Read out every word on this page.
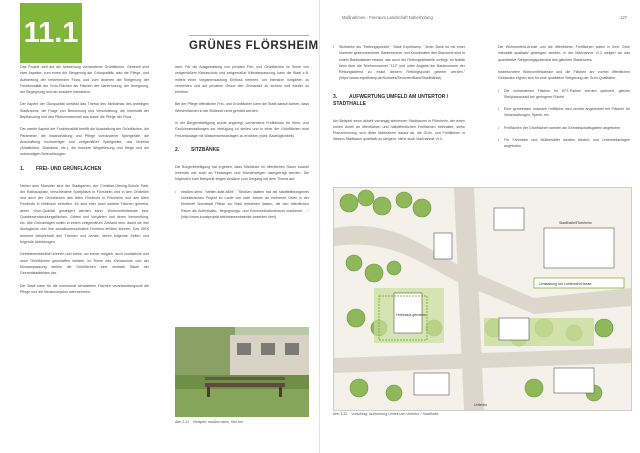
11.1

Das Projekt zielt auf die Aufwertung vorhandener Grünflächen. Generell sind zwei Aspekte: zum einen die Steigerung der Grünqualität, also die Pflege- und Aufwertung der bestehenden Flora, und zum anderen die Steigerung der Funktionalität der Grün-Flächen als Flächen der Naherholung, der Aneignung, der Begegnung und der sozialen Interaktion.

Der Aspekt der Ökoqualität umfasst das Thema des Miniklimas des jeweiligen Stadtraums, die Frage von Besonnung und Verschattung, die Intensität der Bepflanzung und den Pflanzenwechsel aus sowie die Pflege der Flora.

Der zweite Aspekt der Funktionalität betrifft die Ausstattung der Grünflächen, die Parameter, die Instandhaltung und Pflege vorhandener Spielgeräte, die Anschaffung hochwertiger und zeitgemäßer Spielgeräte, das Mobiliar (Abfallkörbe, Sitzbänke, etc.), die bessere Wegeführung und Wege und die notwendigen Beleuchtungen.

1. FREI- UND GRÜNFLÄCHEN

Neben dem Marsufer sind der Stadtgarten, der Christian-Gesing-Schule Park, der Rathausplatz, verschiedene Spielplätze in Flörsheim und in den Ortsteilen und auch der Grünflächen des Alten Friedhofs in Flörsheim und des Alten Friedhofs in Weilbach betroffen. Es sind eher auch weitere Flächen gemeint, deren Grün-Qualität gesteigert werden kann: Wohnumfeldareale bzw. Quartiersentwicklungsflächen, Gärten und Vorgärten und deren Verwendung, etc. Alle Grünanlagen sollen in einem zeitgemäßen Zustand sein, damit sie ihre ökologische und ihre sozialkommunikative Funktion erfüllen können. Das ISEK benennt beispielhaft den Themen und Areale, deren folgende Seiten und folgende Abbildungen.

Gebietsverständlich können und sollen, wo immer möglich, auch zusätzliche und neue Grünflächen geschaffen werden, im Sinne des Klimaschutz und der Klimaanpassung stellen die Grünflächen eine zentrale Säule der Gesamtstadtbildes dar.

Die Stadt kann für die kommunal verwalteten Flächen verantwortungsvoll die Pflege und die Neukonzeption wahrnehmen.

GRÜNES FLÖRSHEIM

men. Für die Ausgestaltung von privaten Frei- und Grünflächen im Sinne von zeitgemäßem Klimaschutz und zeitgemäßer Klimaanpassung, kann die Stadt z.B. mittels einer Vorgartensatzung Einfluss nehmen, um intensive Vorgärten zu vermeiden und auf privatem Grund den Grünanteil zu sichern und wieder zu erhöhen.

Bei der Pflege öffentlicher Frei- und Grünflächen kann die Stadt darauf achten, dass Wiesenflächen in der Blütezeit nicht gemäht werden.

In der Bürgerbeteiligung wurde angeregt, vorhandene Freiflächen für Klein- und Großveranstaltungen zur Verfügung zu stellen und in einer der Grünflächen eine Freizeitanlage mit Wasserwerksanlagen zu errichten (wird: Badeöglichkeit).

2. SITZBÄNKE

Die Bürgerbeteiligung hat ergeben, dass Sitzbänke im öffentlichen Raum sowohl innerorts wie auch an Feldwegen und Wanderwegen nachgefragt werden. Die folgenden zwei Beispiele zeigen Ansätze zum Umgang mit dem Thema auf:

• straßen-stein, "stellen-statt-blüht", "Straßen statten hat als stadtteilbezogenes künstlerisches Projekt im Laufe von zwei Jahren an mehreren Orten in der Kieblerer Nordstadt Plätze zur Rast entstehen lassen, die den öffentlichen Raum als Aufenthalts-, Begegnungs- und Kommunikationsraum markieren. ..." (http://www.kunstprojekt.net/strassenbaenke-ansetzen.html)
Abb 3.31 Beispiel: straßen-stein, Kiel-ber
Maßnahmen - Freiraum Landschaft Naherholung	127
• Sitzbänke als "Rettungspunkte", Stadt Expelkamp: "Jeder Bank ist mit einer Nummer gekennzeichnet. Banknummer und Koordinaten des Standorts sind in einem Bankkataster erfasst, das auch der Rettungsleitstelle vorliegt. Im Notfall kann über die Telefonnummer "112" und unter Angabe der Banknummer der Rettungsdienst zu exakt diesem Rettungspunkt geleitet werden." (https://www.espelkamp.de/Soziales/Senioren/Bank/Stadtbänke)
3. AUFWERTUNG UMFELD AM UNTERTOR / STADTHALLE

Am Beispiel wenn aktuell vorrangig steinernen Stadtraums in Flörsheim, der einen hohen Anteil an öffentlichen und halböffentlichen Freiflächen beinhaltet, siehe Planzeichnung, sich diese Maßnahme darauf ab, die Grün- und Freiflächen in diesem Stadtraum qualitativ zu steigern, siehe auch Maßnahme VI.3.

Die Wohnumfeld-Areale und die öffentlichen Freiflächen sollen in ihrer Grün intensität qualitativ gesteigert werden; in der Maßnahme VI.3 steigen wir das quantitative Steigerungspotenzial des gleichen Stadtraums.

Insbesondere Wohnumfeldareale und die Flächen an/ vor/bei öffentlichen Gebäuden eignen sich für eine qualitative Steigerung der Grün-Qualitäten:

• Die vorhandenen Flächen für KFZ-Parken werden optimiert, gleiche Stellplatzanzahl bei geringerer Fläche
• Eine gemeinsam nutzbare Hoffläche wird zentral angeordnet mit Flächen für Veranstaltungen, Spiele, etc.
• Freiflächen der Grünflächen werden als Gemeinschaftsgärten angeboten
• Für Fahrräder und Müllbehälter werden Abstell- und Unterstellanlagen angeboten
Stadthalle/Flörsheim
Umstaltung mit Lichtmotiv/Hanse
Hofnutz/a gemeins.
Untertor
Abb 3.32 Vorschlag: Aufwertung Umfeld am Untertor / Stadthalle
